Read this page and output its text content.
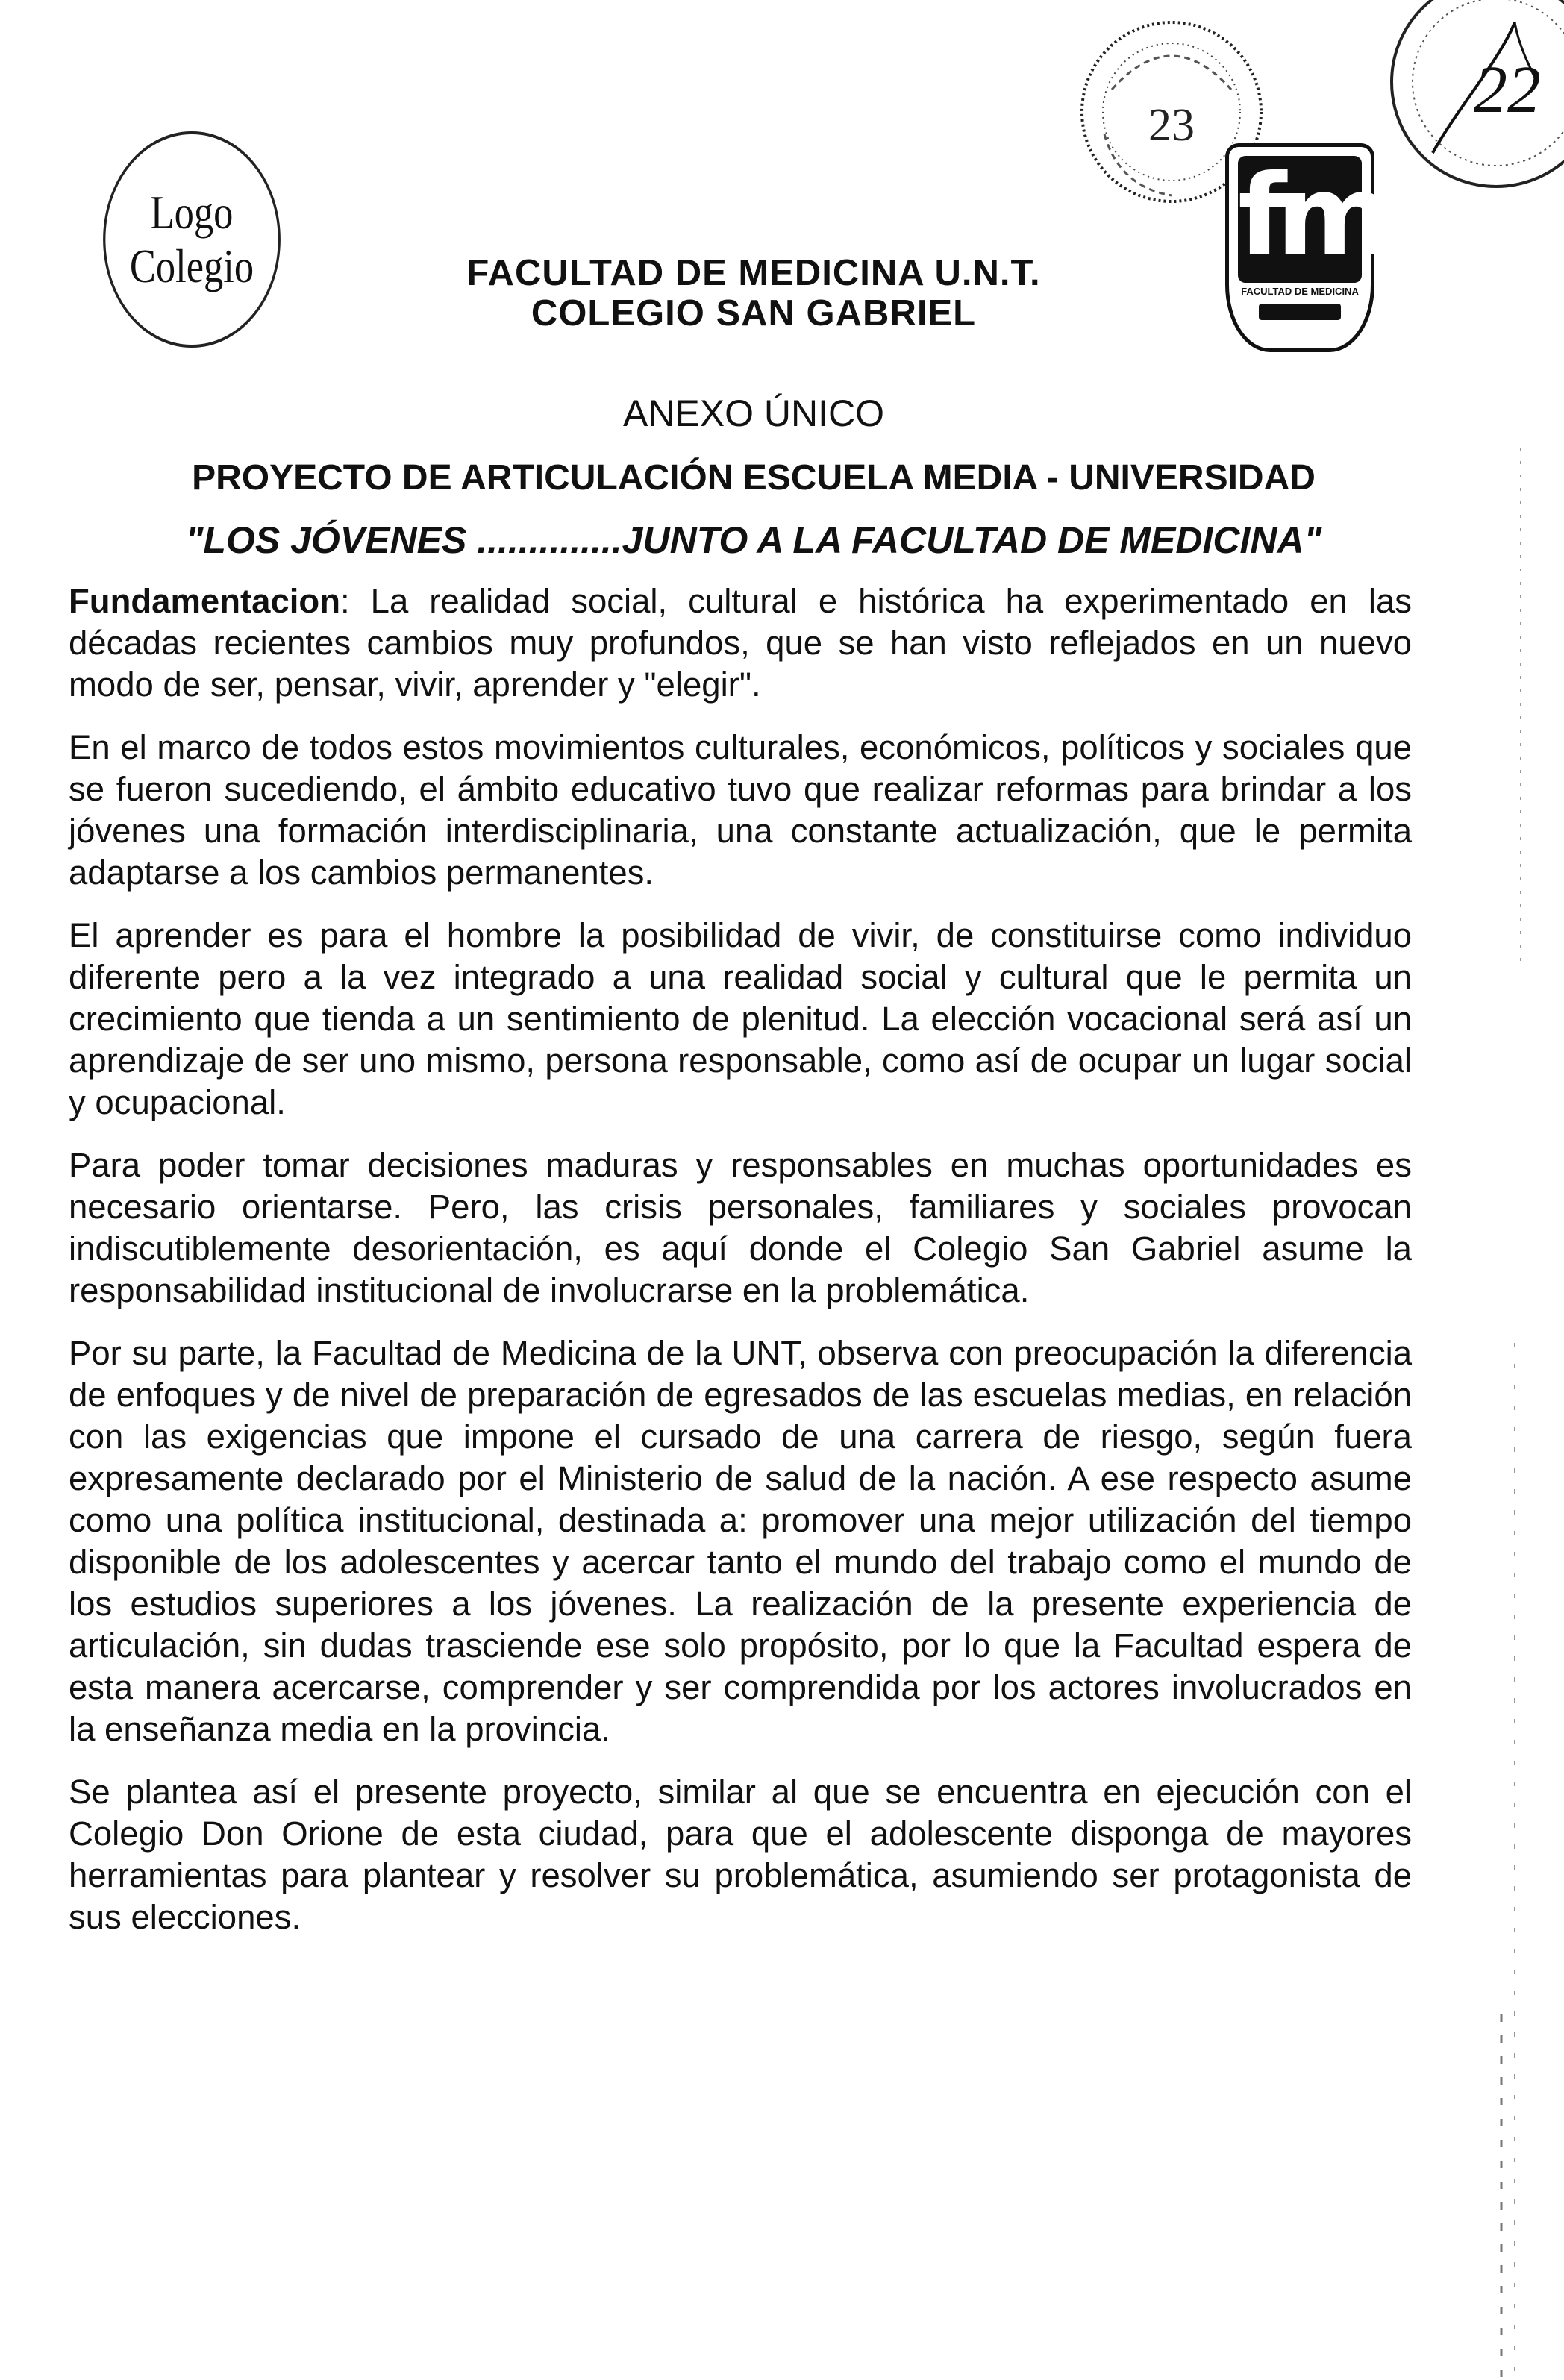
Logo
Colegio	FACULTAD DE MEDICINA U.N.T.
COLEGIO SAN GABRIEL
23
fm
FACULTAD DE MEDICINA
22
ANEXO ÚNICO
PROYECTO DE ARTICULACIÓN ESCUELA MEDIA - UNIVERSIDAD
"LOS JÓVENES ..............JUNTO A LA FACULTAD DE MEDICINA"

Fundamentacion: La realidad social, cultural e histórica ha experimentado en las décadas recientes cambios muy profundos, que se han visto reflejados en un nuevo modo de ser, pensar, vivir, aprender y "elegir".

En el marco de todos estos movimientos culturales, económicos, políticos y sociales que se fueron sucediendo, el ámbito educativo tuvo que realizar reformas para brindar a los jóvenes una formación interdisciplinaria, una constante actualización, que le permita adaptarse a los cambios permanentes.

El aprender es para el hombre la posibilidad de vivir, de constituirse como individuo diferente pero a la vez integrado a una realidad social y cultural que le permita un crecimiento que tienda a un sentimiento de plenitud. La elección vocacional será así un aprendizaje de ser uno mismo, persona responsable, como así de ocupar un lugar social y ocupacional.

Para poder tomar decisiones maduras y responsables en muchas oportunidades es necesario orientarse. Pero, las crisis personales, familiares y sociales provocan indiscutiblemente desorientación, es aquí donde el Colegio San Gabriel asume la responsabilidad institucional de involucrarse en la problemática.

Por su parte, la Facultad de Medicina de la UNT, observa con preocupación la diferencia de enfoques y de nivel de preparación de egresados de las escuelas medias, en relación con las exigencias que impone el cursado de una carrera de riesgo, según fuera expresamente declarado por el Ministerio de salud de la nación. A ese respecto asume como una política institucional, destinada a: promover una mejor utilización del tiempo disponible de los adolescentes y acercar tanto el mundo del trabajo como el mundo de los estudios superiores a los jóvenes. La realización de la presente experiencia de articulación, sin dudas trasciende ese solo propósito, por lo que la Facultad espera de esta manera acercarse, comprender y ser comprendida por los actores involucrados en la enseñanza media en la provincia.

Se plantea así el presente proyecto, similar al que se encuentra en ejecución con el Colegio Don Orione de esta ciudad, para que el adolescente disponga de mayores herramientas para plantear y resolver su problemática, asumiendo ser protagonista de sus elecciones.
